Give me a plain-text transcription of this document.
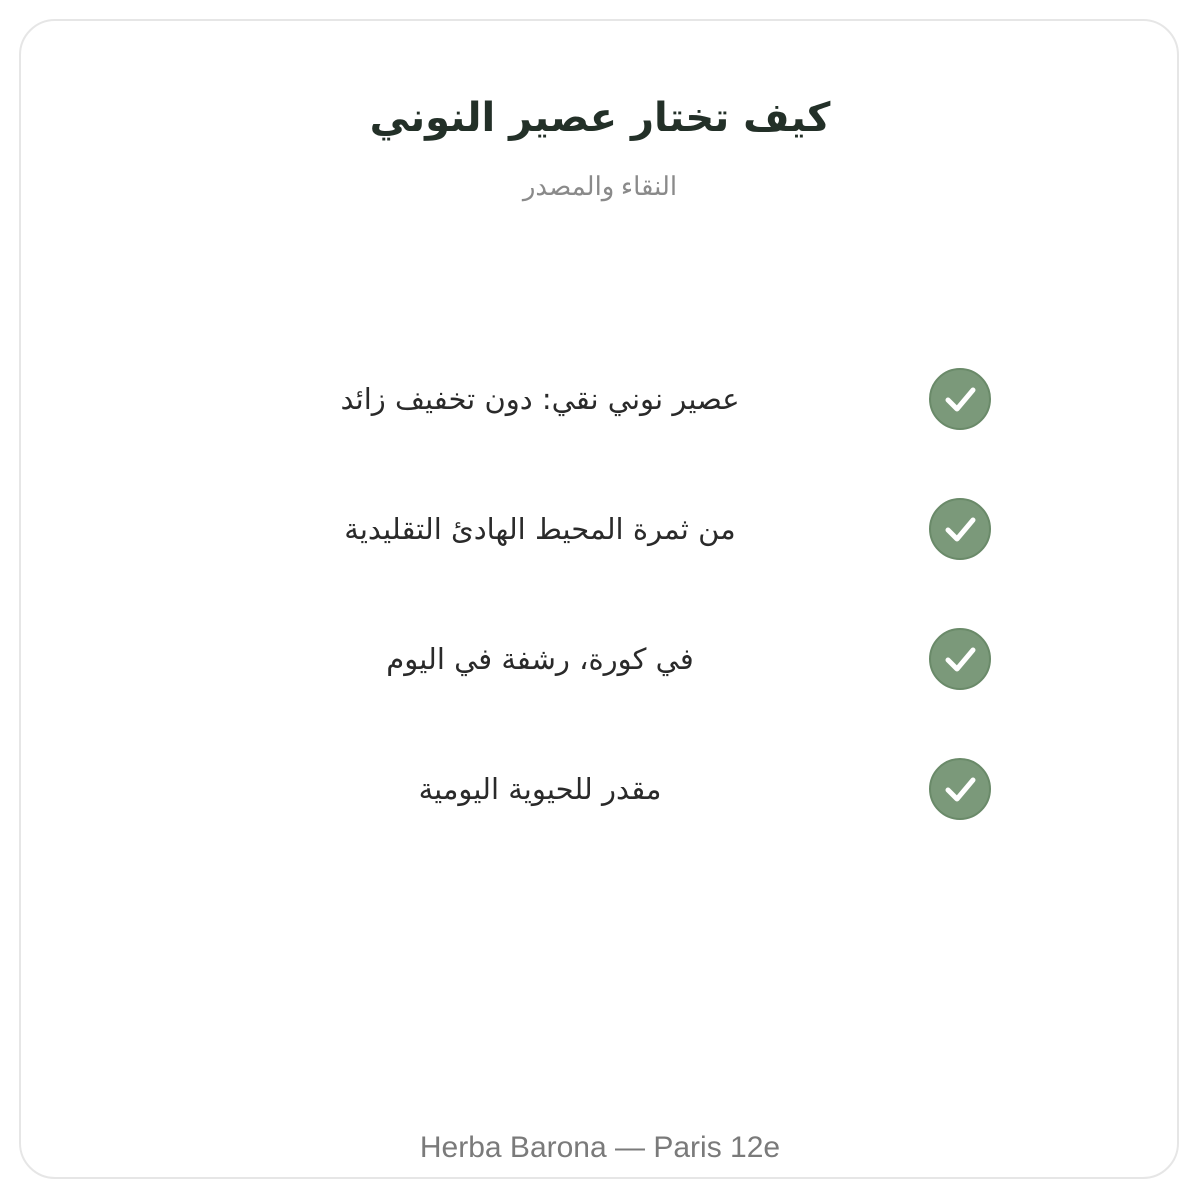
كيف تختار عصير النوني

النقاء والمصدر

عصير نوني نقي: دون تخفيف زائد
من ثمرة المحيط الهادئ التقليدية
في كورة، رشفة في اليوم
مقدر للحيوية اليومية

Herba Barona — Paris 12e
